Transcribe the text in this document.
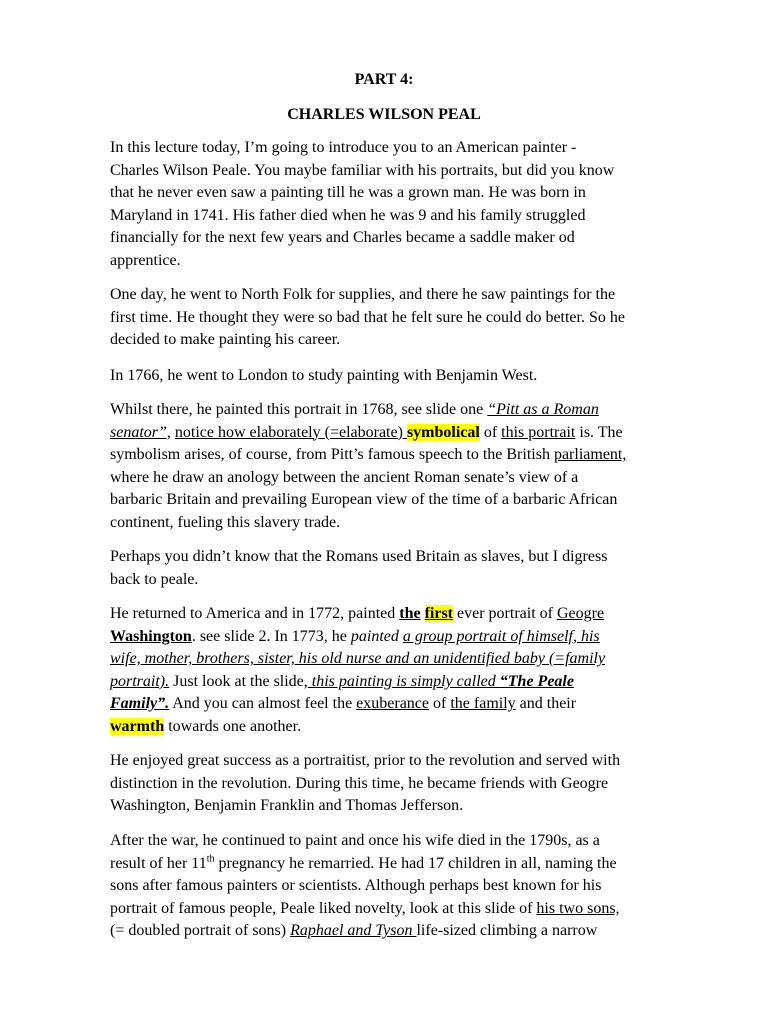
PART 4:
CHARLES WILSON PEAL

In this lecture today, I’m going to introduce you to an American painter -
Charles Wilson Peale. You maybe familiar with his portraits, but did you know
that he never even saw a painting till he was a grown man. He was born in
Maryland in 1741. His father died when he was 9 and his family struggled
financially for the next few years and Charles became a saddle maker od
apprentice.

One day, he went to North Folk for supplies, and there he saw paintings for the
first time. He thought they were so bad that he felt sure he could do better. So he
decided to make painting his career.

In 1766, he went to London to study painting with Benjamin West.

Whilst there, he painted this portrait in 1768, see slide one “Pitt as a Roman
senator”, notice how elaborately (=elaborate) symbolical of this portrait is. The
symbolism arises, of course, from Pitt’s famous speech to the British parliament,
where he draw an anology between the ancient Roman senate’s view of a
barbaric Britain and prevailing European view of the time of a barbaric African
continent, fueling this slavery trade.

Perhaps you didn’t know that the Romans used Britain as slaves, but I digress
back to peale.

He returned to America and in 1772, painted the first ever portrait of Geogre
Washington. see slide 2. In 1773, he painted a group portrait of himself, his
wife, mother, brothers, sister, his old nurse and an unidentified baby (=family
portrait). Just look at the slide, this painting is simply called “The Peale
Family”. And you can almost feel the exuberance of the family and their
warmth towards one another.

He enjoyed great success as a portraitist, prior to the revolution and served with
distinction in the revolution. During this time, he became friends with Geogre
Washington, Benjamin Franklin and Thomas Jefferson.

After the war, he continued to paint and once his wife died in the 1790s, as a
result of her 11th pregnancy he remarried. He had 17 children in all, naming the
sons after famous painters or scientists. Although perhaps best known for his
portrait of famous people, Peale liked novelty, look at this slide of his two sons,
(= doubled portrait of sons) Raphael and Tyson life-sized climbing a narrow
